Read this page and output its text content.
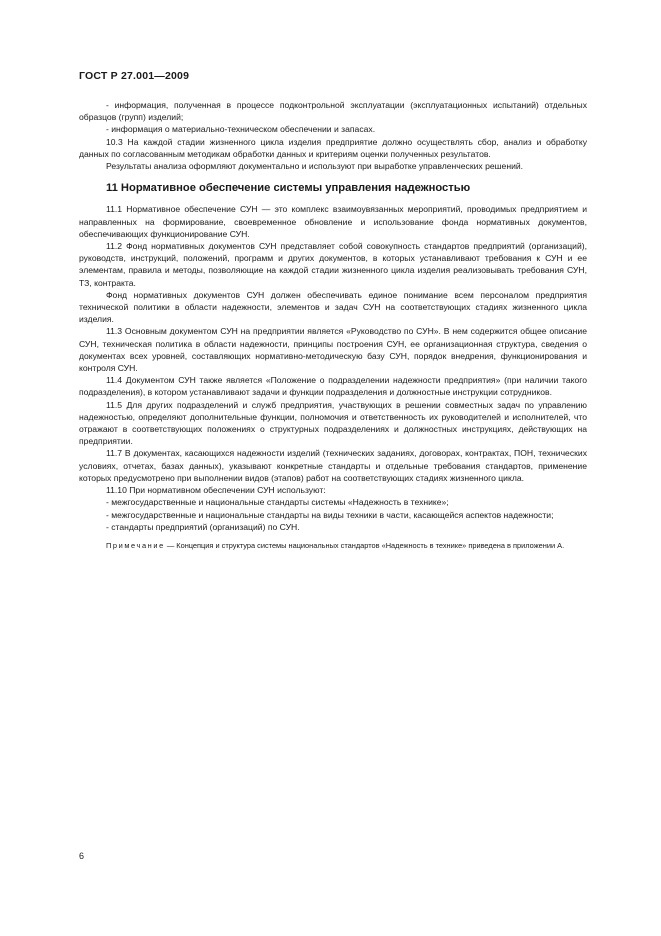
ГОСТ Р 27.001—2009

- информация, полученная в процессе подконтрольной эксплуатации (эксплуатационных испытаний) отдельных образцов (групп) изделий;

- информация о материально-техническом обеспечении и запасах.

10.3 На каждой стадии жизненного цикла изделия предприятие должно осуществлять сбор, анализ и обработку данных по согласованным методикам обработки данных и критериям оценки полученных результатов.

Результаты анализа оформляют документально и используют при выработке управленческих решений.

11 Нормативное обеспечение системы управления надежностью

11.1 Нормативное обеспечение СУН — это комплекс взаимоувязанных мероприятий, проводимых предприятием и направленных на формирование, своевременное обновление и использование фонда нормативных документов, обеспечивающих функционирование СУН.

11.2 Фонд нормативных документов СУН представляет собой совокупность стандартов предприятий (организаций), руководств, инструкций, положений, программ и других документов, в которых устанавливают требования к СУН и ее элементам, правила и методы, позволяющие на каждой стадии жизненного цикла изделия реализовывать требования СУН, ТЗ, контракта.

Фонд нормативных документов СУН должен обеспечивать единое понимание всем персоналом предприятия технической политики в области надежности, элементов и задач СУН на соответствующих стадиях жизненного цикла изделия.

11.3 Основным документом СУН на предприятии является «Руководство по СУН». В нем содержится общее описание СУН, техническая политика в области надежности, принципы построения СУН, ее организационная структура, сведения о документах всех уровней, составляющих нормативно-методическую базу СУН, порядок внедрения, функционирования и контроля СУН.

11.4 Документом СУН также является «Положение о подразделении надежности предприятия» (при наличии такого подразделения), в котором устанавливают задачи и функции подразделения и должностные инструкции сотрудников.

11.5 Для других подразделений и служб предприятия, участвующих в решении совместных задач по управлению надежностью, определяют дополнительные функции, полномочия и ответственность их руководителей и исполнителей, что отражают в соответствующих положениях о структурных подразделениях и должностных инструкциях, действующих на предприятии.

11.7 В документах, касающихся надежности изделий (технических заданиях, договорах, контрактах, ПОН, технических условиях, отчетах, базах данных), указывают конкретные стандарты и отдельные требования стандартов, применение которых предусмотрено при выполнении видов (этапов) работ на соответствующих стадиях жизненного цикла.

11.10 При нормативном обеспечении СУН используют:

- межгосударственные и национальные стандарты системы «Надежность в технике»;

- межгосударственные и национальные стандарты на виды техники в части, касающейся аспектов надежности;

- стандарты предприятий (организаций) по СУН.

Примечание — Концепция и структура системы национальных стандартов «Надежность в технике» приведена в приложении А.
6
